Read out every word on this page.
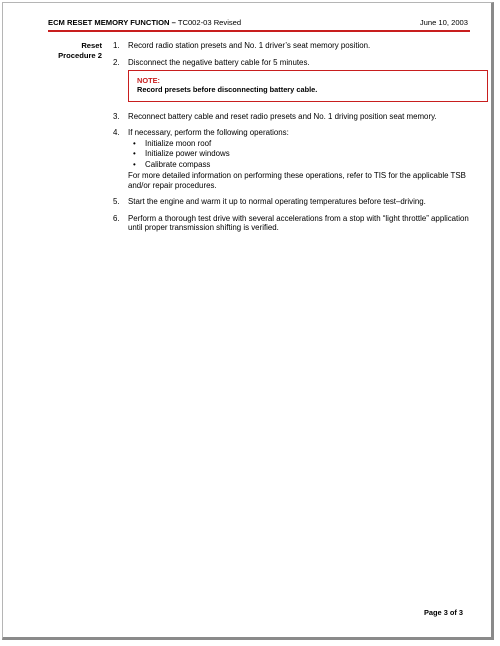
ECM RESET MEMORY FUNCTION – TC002-03 Revised	June 10, 2003
Reset
Procedure 2
1. Record radio station presets and No. 1 driver’s seat memory position.
2. Disconnect the negative battery cable for 5 minutes.
NOTE:
Record presets before disconnecting battery cable.
3. Reconnect battery cable and reset radio presets and No. 1 driving position seat memory.
4. If necessary, perform the following operations:
• Initialize moon roof
• Initialize power windows
• Calibrate compass
For more detailed information on performing these operations, refer to TIS for the applicable TSB and/or repair procedures.
5. Start the engine and warm it up to normal operating temperatures before test–driving.
6. Perform a thorough test drive with several accelerations from a stop with “light throttle” application until proper transmission shifting is verified.
Page 3 of 3
